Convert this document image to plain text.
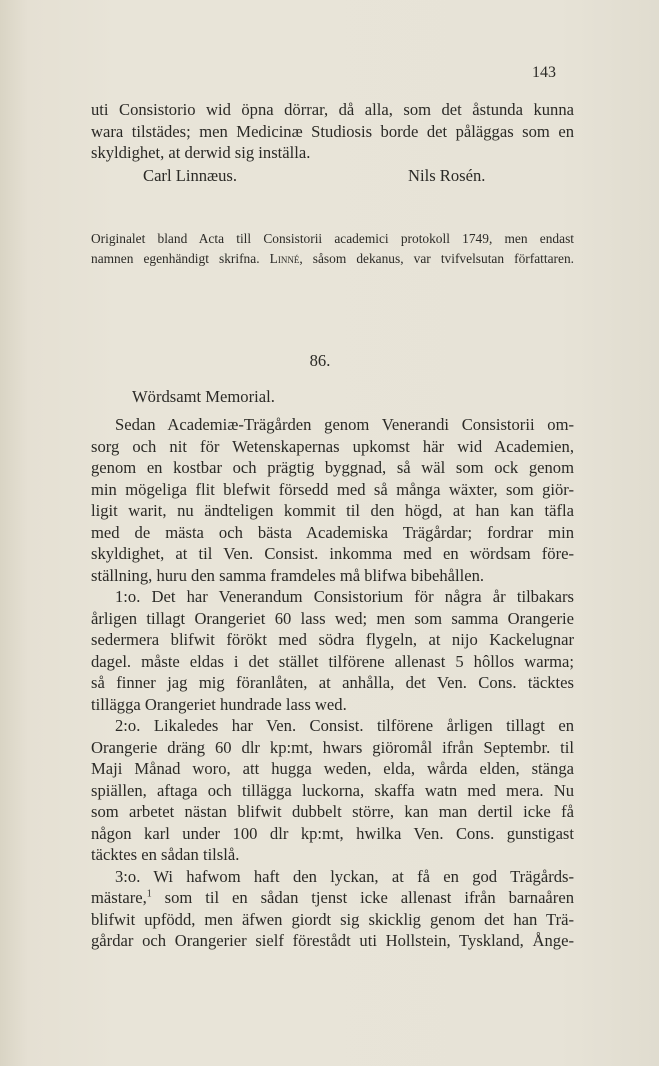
143
uti Consistorio wid öpna dörrar, då alla, som det åstunda kunna
wara tilstädes; men Medicinæ Studiosis borde det påläggas som en
skyldighet, at derwid sig inställa.
Carl Linnæus.	Nils Rosén.
Originalet bland Acta till Consistorii academici protokoll 1749, men endast
namnen egenhändigt skrifna. Linné, såsom dekanus, var tvifvelsutan författaren.
86.
Wördsamt Memorial.
Sedan Academiæ-Trägården genom Venerandi Consistorii om-
sorg och nit för Wetenskapernas upkomst här wid Academien,
genom en kostbar och prägtig byggnad, så wäl som ock genom
min mögeliga flit blefwit försedd med så många wäxter, som giör-
ligit warit, nu ändteligen kommit til den högd, at han kan täfla
med de mästa och bästa Academiska Trägårdar; fordrar min
skyldighet, at til Ven. Consist. inkomma med en wördsam före-
ställning, huru den samma framdeles må blifwa bibehållen.
1:o. Det har Venerandum Consistorium för några år tilbakars
årligen tillagt Orangeriet 60 lass wed; men som samma Orangerie
sedermera blifwit förökt med södra flygeln, at nijo Kackelugnar
dagel. måste eldas i det stället tilförene allenast 5 hôllos warma;
så finner jag mig föranlåten, at anhålla, det Ven. Cons. täcktes
tillägga Orangeriet hundrade lass wed.
2:o. Likaledes har Ven. Consist. tilförene årligen tillagt en
Orangerie dräng 60 dlr kp:mt, hwars giöromål ifrån Septembr. til
Maji Månad woro, att hugga weden, elda, wårda elden, stänga
spiällen, aftaga och tillägga luckorna, skaffa watn med mera. Nu
som arbetet nästan blifwit dubbelt större, kan man dertil icke få
någon karl under 100 dlr kp:mt, hwilka Ven. Cons. gunstigast
täcktes en sådan tilslå.
3:o. Wi hafwom haft den lyckan, at få en god Trägårds-
mästare,$^1$ som til en sådan tjenst icke allenast ifrån barnaåren
blifwit upfödd, men äfwen giordt sig skicklig genom det han Trä-
gårdar och Orangerier sielf förestådt uti Hollstein, Tyskland, Ånge-
